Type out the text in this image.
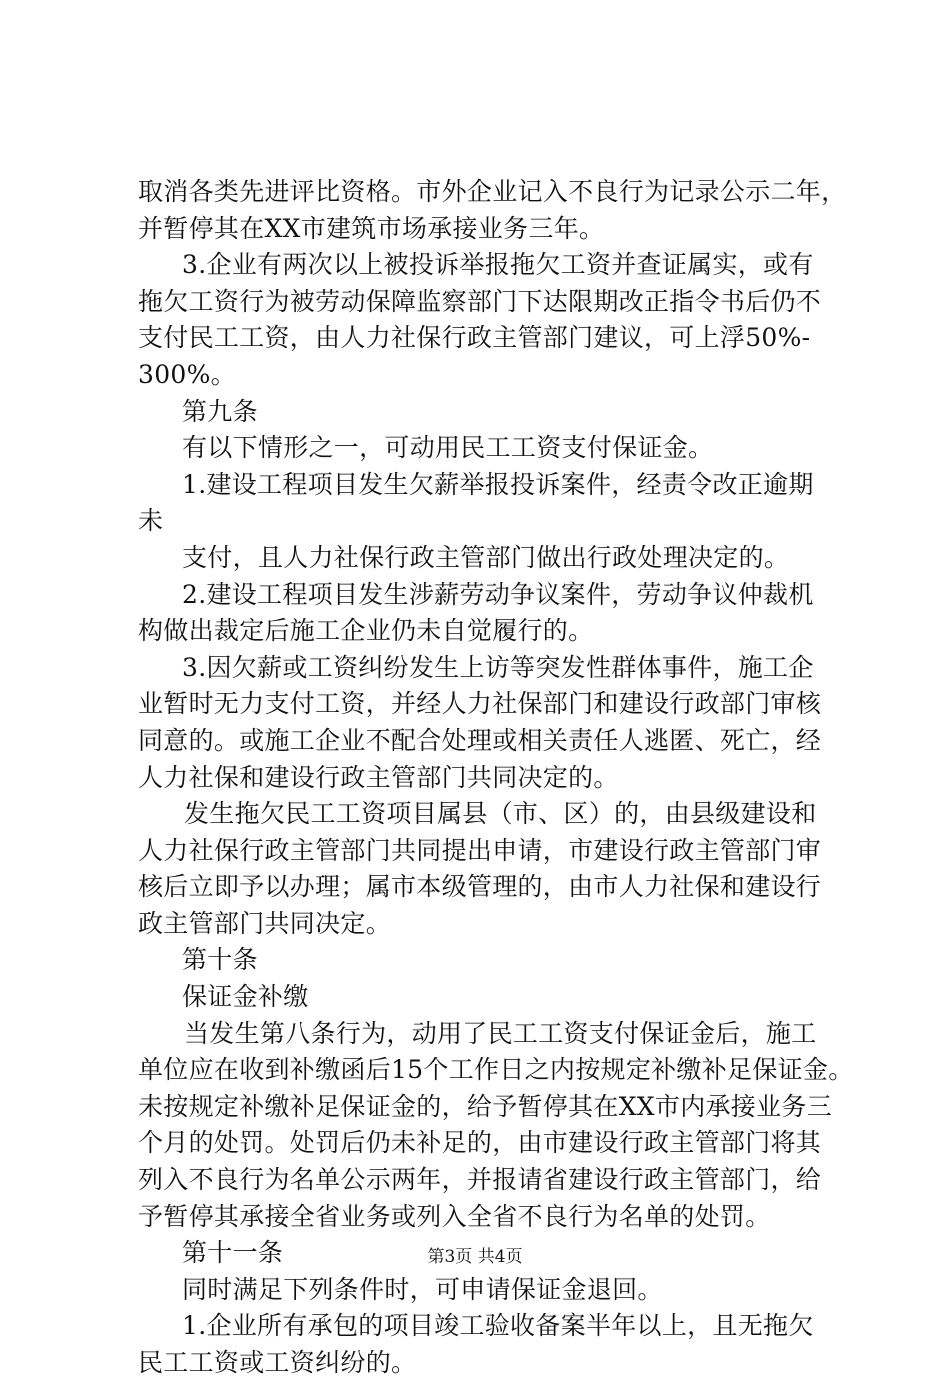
取消各类先进评比资格。市外企业记入不良行为记录公示二年，
并暂停其在XX市建筑市场承接业务三年。
3.企业有两次以上被投诉举报拖欠工资并查证属实，或有
拖欠工资行为被劳动保障监察部门下达限期改正指令书后仍不
支付民工工资，由人力社保行政主管部门建议，可上浮50%-
300%。
第九条
有以下情形之一，可动用民工工资支付保证金。
1.建设工程项目发生欠薪举报投诉案件，经责令改正逾期
未
支付，且人力社保行政主管部门做出行政处理决定的。
2.建设工程项目发生涉薪劳动争议案件，劳动争议仲裁机
构做出裁定后施工企业仍未自觉履行的。
3.因欠薪或工资纠纷发生上访等突发性群体事件，施工企
业暂时无力支付工资，并经人力社保部门和建设行政部门审核
同意的。或施工企业不配合处理或相关责任人逃匿、死亡，经
人力社保和建设行政主管部门共同决定的。
发生拖欠民工工资项目属县（市、区）的，由县级建设和
人力社保行政主管部门共同提出申请，市建设行政主管部门审
核后立即予以办理；属市本级管理的，由市人力社保和建设行
政主管部门共同决定。
第十条
保证金补缴
当发生第八条行为，动用了民工工资支付保证金后，施工
单位应在收到补缴函后15个工作日之内按规定补缴补足保证金。
未按规定补缴补足保证金的，给予暂停其在XX市内承接业务三
个月的处罚。处罚后仍未补足的，由市建设行政主管部门将其
列入不良行为名单公示两年，并报请省建设行政主管部门，给
予暂停其承接全省业务或列入全省不良行为名单的处罚。
第十一条
同时满足下列条件时，可申请保证金退回。
1.企业所有承包的项目竣工验收备案半年以上，且无拖欠
民工工资或工资纠纷的。
第3页 共4页
